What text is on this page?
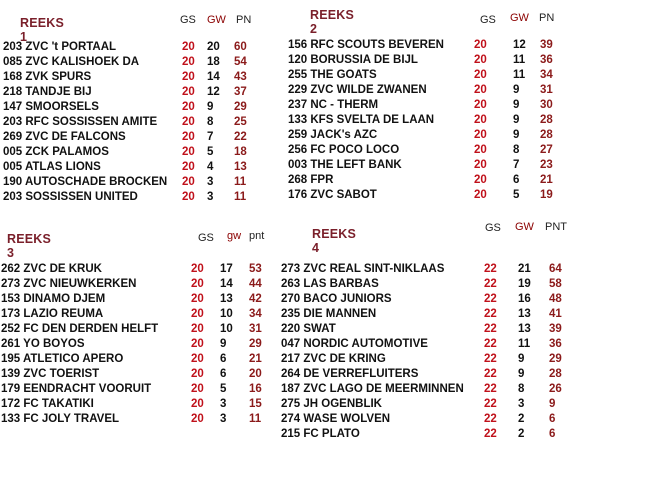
REEKS 1
GS GW PN
203 ZVC 't PORTAAL	20 20 60
085 ZVC KALISHOEK DA	20 18 54
168 ZVK SPURS	20 14 43
218 TANDJE BIJ	20 12 37
147 SMOORSELS	20 9 29
203 RFC SOSSISSEN AMITE 20 8 25
269 ZVC DE FALCONS	20 7 22
005 ZCK PALAMOS	20 5 18
005 ATLAS LIONS	20 4 13
190 AUTOSCHADE BROCKEN 20 3 11
203 SOSSISSEN UNITED	20 3 11
REEKS 2
GS GW PN
156 RFC SCOUTS BEVEREN	20 12 39
120 BORUSSIA DE BIJL	20 11 36
255 THE GOATS	20 11 34
229 ZVC WILDE ZWANEN	20 9 31
237 NC - THERM	20 9 30
133 KFS SVELTA DE LAAN	20 9 28
259 JACK's AZC	20 9 28
256 FC POCO LOCO	20 8 27
003 THE LEFT BANK	20 7 23
268 FPR	20 6 21
176 ZVC SABOT	20 5 19
REEKS 3
GS gw pnt
262 ZVC DE KRUK	20 17 53
273 ZVC NIEUWKERKEN	20 14 44
153 DINAMO DJEM	20 13 42
173 LAZIO REUMA	20 10 34
252 FC DEN DERDEN HELFT	20 10 31
261 YO BOYOS	20 9 29
195 ATLETICO APERO	20 6 21
139 ZVC TOERIST	20 6 20
179 EENDRACHT VOORUIT	20 5 16
172 FC TAKATIKI	20 3 15
133 FC JOLY TRAVEL	20 3 11
REEKS 4
GS GW PNT
273 ZVC REAL SINT-NIKLAAS	22 21 64
263 LAS BARBAS	22 19 58
270 BACO JUNIORS	22 16 48
235 DIE MANNEN	22 13 41
220 SWAT	22 13 39
047 NORDIC AUTOMOTIVE	22 11 36
217 ZVC DE KRING	22 9 29
264 DE VERREFLUITERS	22 9 28
187 ZVC LAGO DE MEERMINNEN 22 8 26
275 JH OGENBLIK	22 3 9
274 WASE WOLVEN	22 2 6
215 FC PLATO	22 2 6
